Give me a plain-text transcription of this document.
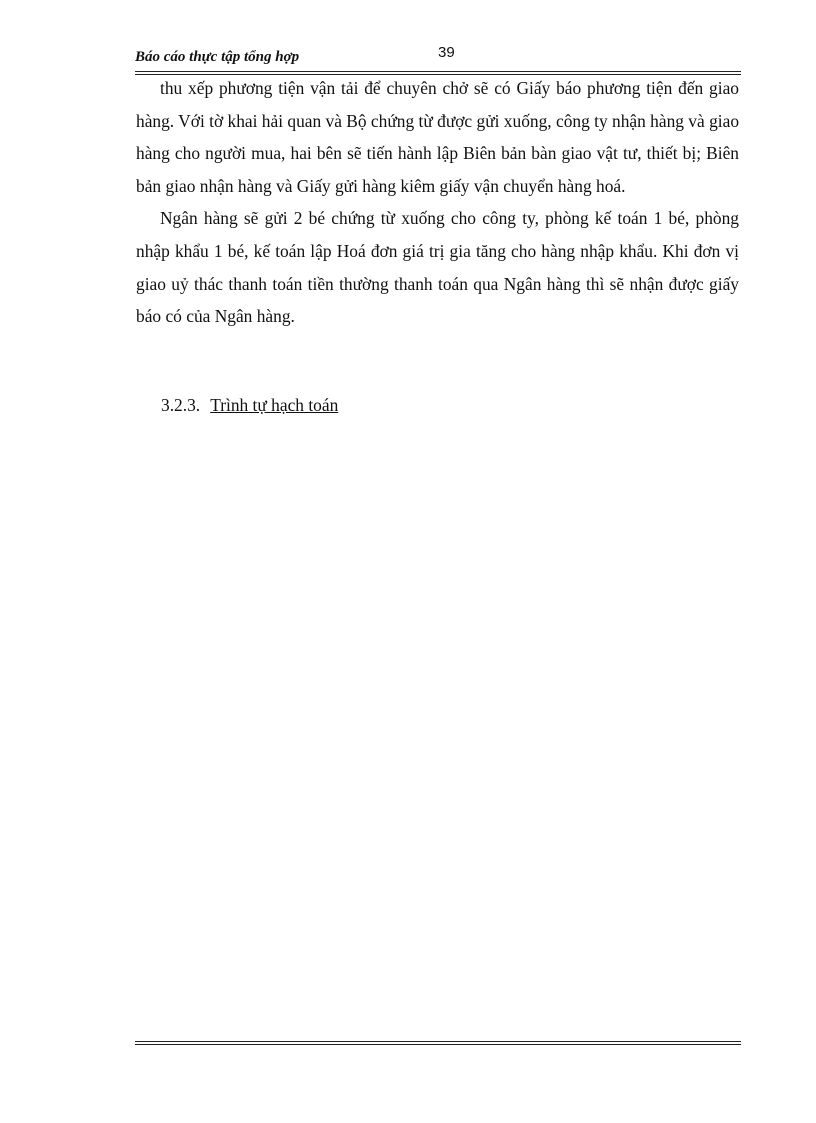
Báo cáo thực tập tổng hợp	39

thu xếp phương tiện vận tải để chuyên chở sẽ có Giấy báo phương tiện đến giao hàng. Với tờ khai hải quan và Bộ chứng từ được gửi xuống, công ty nhận hàng và giao hàng cho người mua, hai bên sẽ tiến hành lập Biên bản bàn giao vật tư, thiết bị; Biên bản giao nhận hàng và Giấy gửi hàng kiêm giấy vận chuyển hàng hoá.

Ngân hàng sẽ gửi 2 bé chứng từ xuống cho công ty, phòng kế toán 1 bé, phòng nhập khẩu 1 bé, kế toán lập Hoá đơn giá trị gia tăng cho hàng nhập khẩu. Khi đơn vị giao uỷ thác thanh toán tiền thường thanh toán qua Ngân hàng thì sẽ nhận được giấy báo có của Ngân hàng.

3.2.3. Trình tự hạch toán
